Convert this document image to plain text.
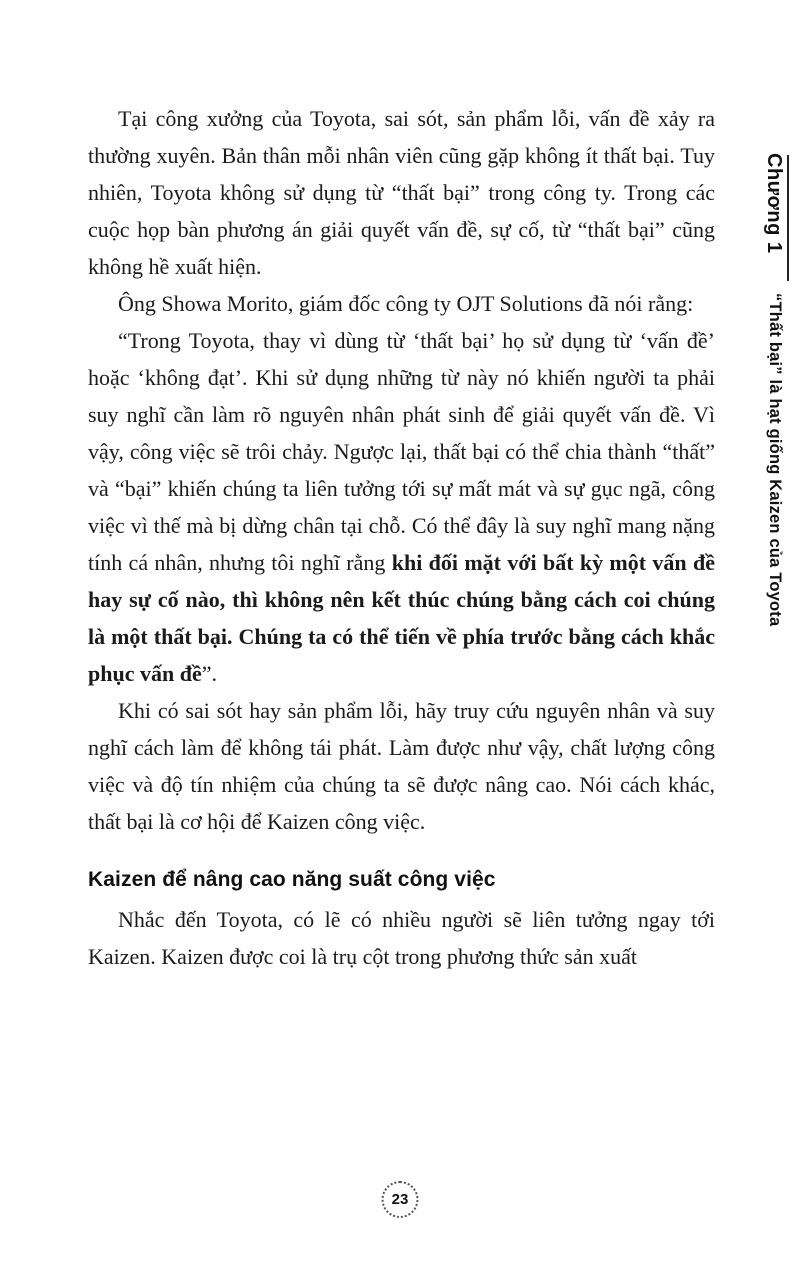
Tại công xưởng của Toyota, sai sót, sản phẩm lỗi, vấn đề xảy ra thường xuyên. Bản thân mỗi nhân viên cũng gặp không ít thất bại. Tuy nhiên, Toyota không sử dụng từ “thất bại” trong công ty. Trong các cuộc họp bàn phương án giải quyết vấn đề, sự cố, từ “thất bại” cũng không hề xuất hiện.

Ông Showa Morito, giám đốc công ty OJT Solutions đã nói rằng:

“Trong Toyota, thay vì dùng từ ‘thất bại’ họ sử dụng từ ‘vấn đề’ hoặc ‘không đạt’. Khi sử dụng những từ này nó khiến người ta phải suy nghĩ cần làm rõ nguyên nhân phát sinh để giải quyết vấn đề. Vì vậy, công việc sẽ trôi chảy. Ngược lại, thất bại có thể chia thành “thất” và “bại” khiến chúng ta liên tưởng tới sự mất mát và sự gục ngã, công việc vì thế mà bị dừng chân tại chỗ. Có thể đây là suy nghĩ mang nặng tính cá nhân, nhưng tôi nghĩ rằng khi đối mặt với bất kỳ một vấn đề hay sự cố nào, thì không nên kết thúc chúng bằng cách coi chúng là một thất bại. Chúng ta có thể tiến về phía trước bằng cách khắc phục vấn đề”.

Khi có sai sót hay sản phẩm lỗi, hãy truy cứu nguyên nhân và suy nghĩ cách làm để không tái phát. Làm được như vậy, chất lượng công việc và độ tín nhiệm của chúng ta sẽ được nâng cao. Nói cách khác, thất bại là cơ hội để Kaizen công việc.

Kaizen để nâng cao năng suất công việc

Nhắc đến Toyota, có lẽ có nhiều người sẽ liên tưởng ngay tới Kaizen. Kaizen được coi là trụ cột trong phương thức sản xuất

Chương 1
“Thất bại” là hạt giống Kaizen của Toyota
23
